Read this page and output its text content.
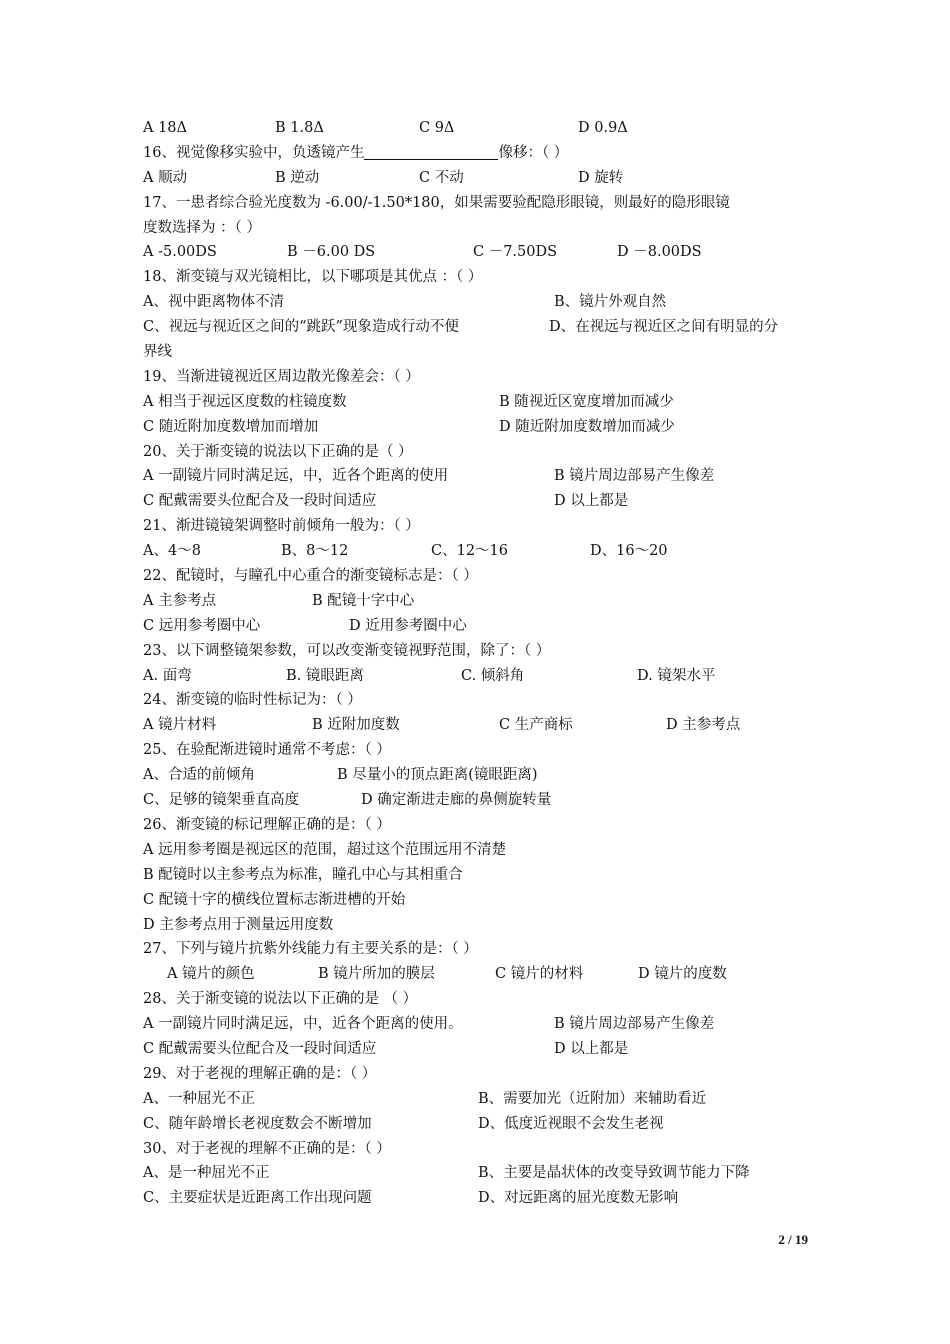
A 18Δ	B 1.8Δ	C 9Δ	D 0.9Δ
16、视觉像移实验中，负透镜产生	像移：（ ）
A 顺动	B 逆动	C 不动	D 旋转
17、一患者综合验光度数为 -6.00/-1.50*180，如果需要验配隐形眼镜，则最好的隐形眼镜
度数选择为 ：（ ）
A -5.00DS	B －6.00 DS	C －7.50DS	D －8.00DS
18、渐变镜与双光镜相比，以下哪项是其优点 ：（ ）
A、视中距离物体不清	B、镜片外观自然
C、视远与视近区之间的“跳跃”现象造成行动不便	D、在视远与视近区之间有明显的分
界线
19、当渐进镜视近区周边散光像差会：（ ）
A 相当于视远区度数的柱镜度数	B 随视近区宽度增加而减少
C 随近附加度数增加而增加	D 随近附加度数增加而减少
20、关于渐变镜的说法以下正确的是（ ）
A 一副镜片同时满足远，中，近各个距离的使用	B 镜片周边部易产生像差
C 配戴需要头位配合及一段时间适应	D 以上都是
21、渐进镜镜架调整时前倾角一般为：（ ）
A、4～8	B、8～12	C、12～16	D、16～20
22、配镜时，与瞳孔中心重合的渐变镜标志是：（ ）
A 主参考点	B 配镜十字中心
C 远用参考圈中心	D 近用参考圈中心
23、以下调整镜架参数，可以改变渐变镜视野范围，除了：（ ）
A. 面弯	B. 镜眼距离	C. 倾斜角	D. 镜架水平
24、渐变镜的临时性标记为：（ ）
A 镜片材料	B 近附加度数	C 生产商标	D 主参考点
25、在验配渐进镜时通常不考虑：（ ）
A、合适的前倾角	B 尽量小的顶点距离(镜眼距离)
C、足够的镜架垂直高度	D 确定渐进走廊的鼻侧旋转量
26、渐变镜的标记理解正确的是：（ ）
A 远用参考圈是视远区的范围，超过这个范围远用不清楚
B 配镜时以主参考点为标准，瞳孔中心与其相重合
C 配镜十字的横线位置标志渐进槽的开始
D 主参考点用于测量远用度数
27、下列与镜片抗紫外线能力有主要关系的是：（ ）
A 镜片的颜色	B 镜片所加的膜层	C 镜片的材料	D 镜片的度数
28、关于渐变镜的说法以下正确的是 （ ）
A 一副镜片同时满足远，中，近各个距离的使用。	B 镜片周边部易产生像差
C 配戴需要头位配合及一段时间适应	D 以上都是
29、对于老视的理解正确的是：（ ）
A、一种屈光不正	B、需要加光（近附加）来辅助看近
C、随年龄增长老视度数会不断增加	D、低度近视眼不会发生老视
30、对于老视的理解不正确的是：（ ）
A、是一种屈光不正	B、主要是晶状体的改变导致调节能力下降
C、主要症状是近距离工作出现问题	D、对远距离的屈光度数无影响
2 / 19
